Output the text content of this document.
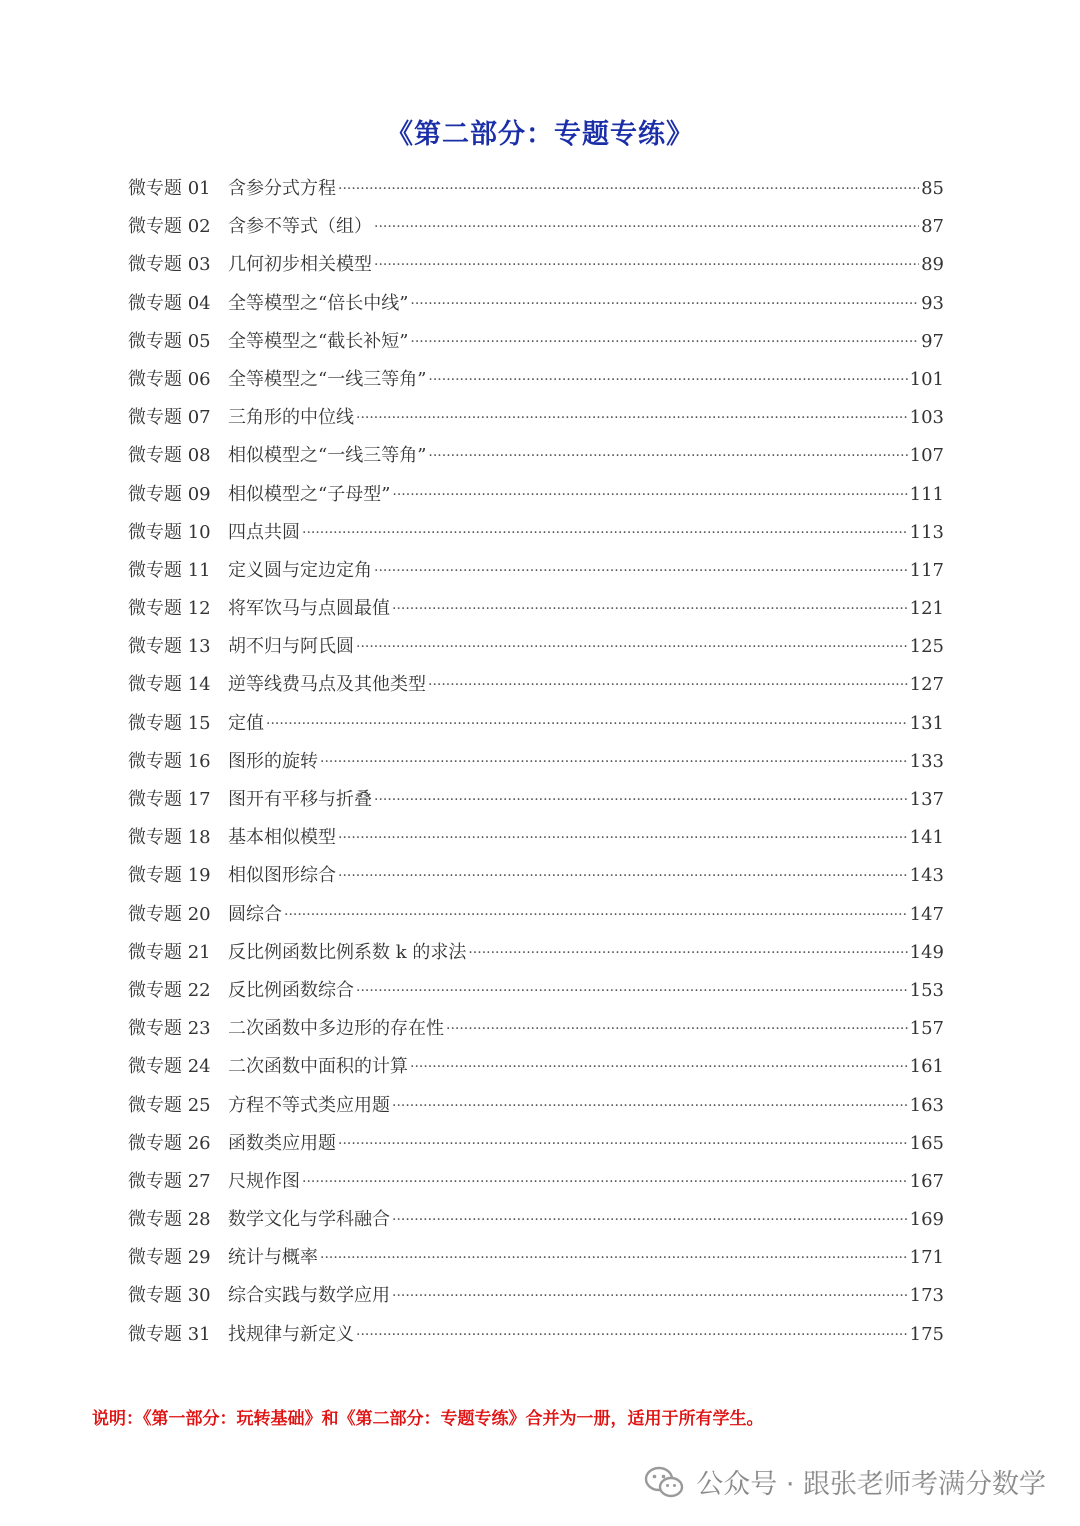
《第二部分：专题专练》
微专题 01 含参分式方程 ·····	85
微专题 02 含参不等式（组） ·····	87
微专题 03 几何初步相关模型 ·····	89
微专题 04 全等模型之“倍长中线” ·····	93
微专题 05 全等模型之“截长补短” ·····	97
微专题 06 全等模型之“一线三等角” ·····	101
微专题 07 三角形的中位线 ·····	103
微专题 08 相似模型之“一线三等角” ·····	107
微专题 09 相似模型之“子母型” ·····	111
微专题 10 四点共圆 ·····	113
微专题 11 定义圆与定边定角 ·····	117
微专题 12 将军饮马与点圆最值 ·····	121
微专题 13 胡不归与阿氏圆 ·····	125
微专题 14 逆等线费马点及其他类型 ·····	127
微专题 15 定值 ·····	131
微专题 16 图形的旋转 ·····	133
微专题 17 图开有平移与折叠 ·····	137
微专题 18 基本相似模型 ·····	141
微专题 19 相似图形综合 ·····	143
微专题 20 圆综合 ·····	147
微专题 21 反比例函数比例系数 k 的求法 ·····	149
微专题 22 反比例函数综合 ·····	153
微专题 23 二次函数中多边形的存在性 ·····	157
微专题 24 二次函数中面积的计算 ·····	161
微专题 25 方程不等式类应用题 ·····	163
微专题 26 函数类应用题 ·····	165
微专题 27 尺规作图 ·····	167
微专题 28 数学文化与学科融合 ·····	169
微专题 29 统计与概率 ·····	171
微专题 30 综合实践与数学应用 ·····	173
微专题 31 找规律与新定义 ·····	175
说明：《第一部分：玩转基础》和《第二部分：专题专练》合并为一册，适用于所有学生。
公众号 · 跟张老师考满分数学
